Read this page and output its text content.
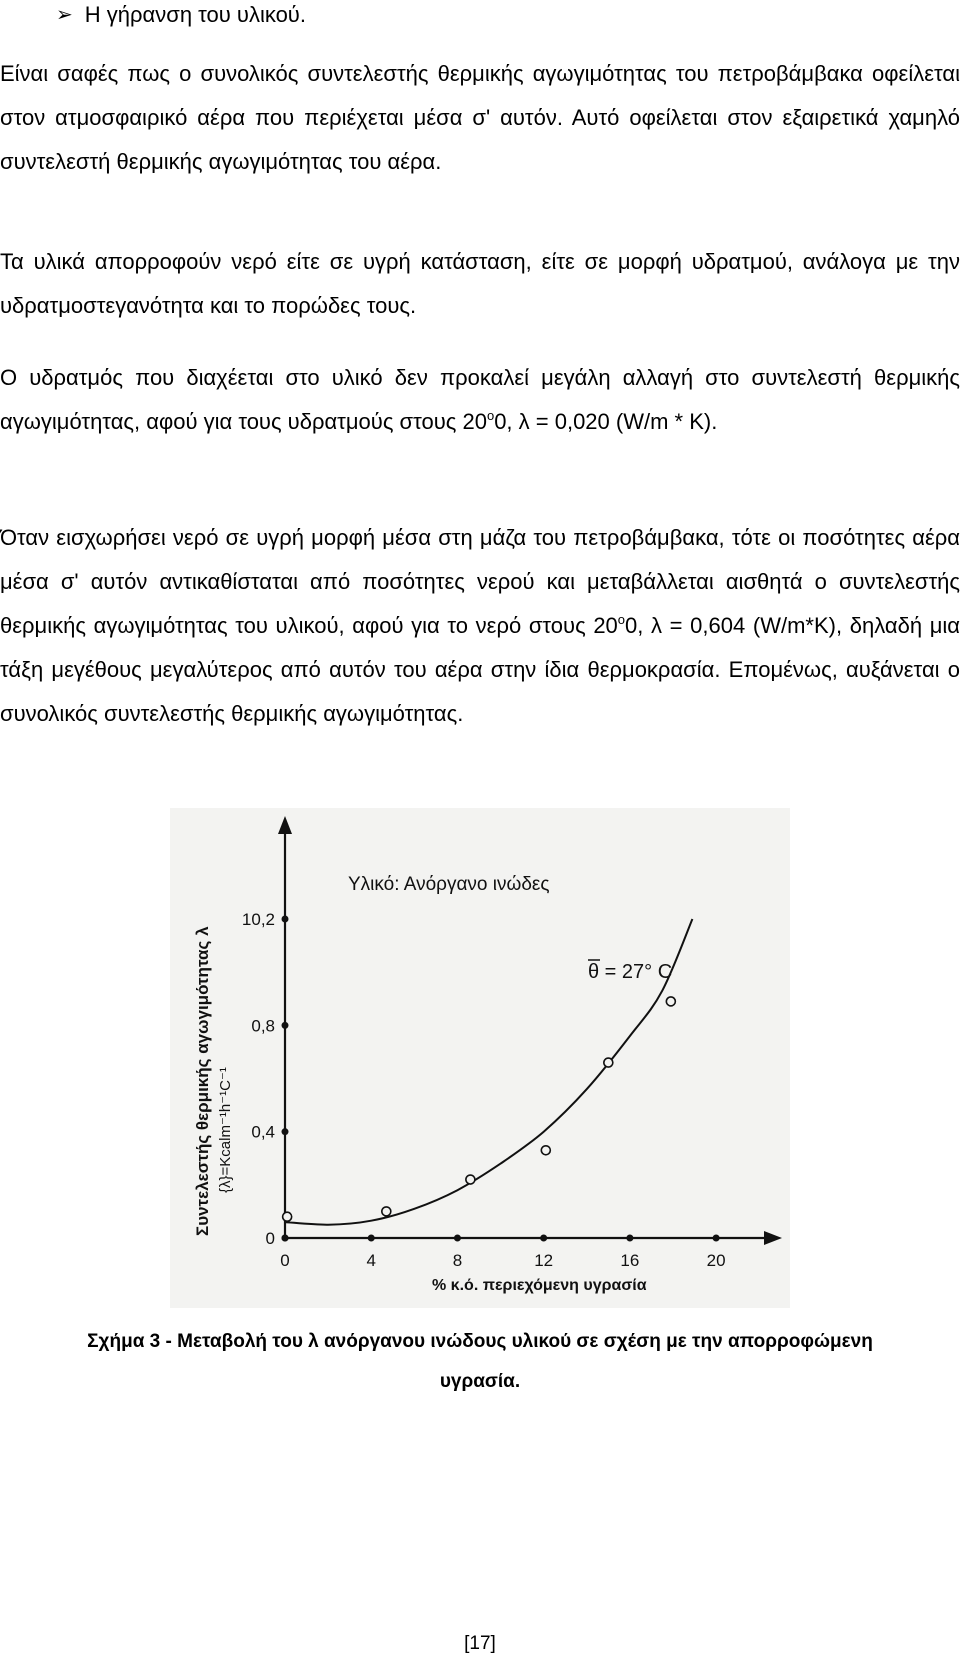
➢ Η γήρανση του υλικού.

Είναι σαφές πως ο συνολικός συντελεστής θερμικής αγωγιμότητας του πετροβάμβακα οφείλεται στον ατμοσφαιρικό αέρα που περιέχεται μέσα σ' αυτόν. Αυτό οφείλεται στον εξαιρετικά χαμηλό συντελεστή θερμικής αγωγιμότητας του αέρα.

Τα υλικά απορροφούν νερό είτε σε υγρή κατάσταση, είτε σε μορφή υδρατμού, ανάλογα με την υδρατμοστεγανότητα και το πορώδες τους.

Ο υδρατμός που διαχέεται στο υλικό δεν προκαλεί μεγάλη αλλαγή στο συντελεστή θερμικής αγωγιμότητας, αφού για τους υδρατμούς στους 20$^o$0, λ = 0,020 (W/m * K).

Όταν εισχωρήσει νερό σε υγρή μορφή μέσα στη μάζα του πετροβάμβακα, τότε οι ποσότητες αέρα μέσα σ' αυτόν αντικαθίσταται από ποσότητες νερού και μεταβάλλεται αισθητά ο συντελεστής θερμικής αγωγιμότητας του υλικού, αφού για το νερό στους 20$^o$0, λ = 0,604 (W/m*K), δηλαδή μια τάξη μεγέθους μεγαλύτερος από αυτόν του αέρα στην ίδια θερμοκρασία. Επομένως, αυξάνεται ο συνολικός συντελεστής θερμικής αγωγιμότητας.

Υλικό: Ανόργανο ινώδες
θ = 27° C
Συντελεστής θερμικής αγωγιμότητας λ {λ}=Kcalm⁻¹h⁻¹C⁻¹
% κ.ό. περιεχόμενη υγρασία
0	4	8	12	16	20
0
0,4
0,8
10,2
Σχήμα 3 - Μεταβολή του λ ανόργανου ινώδους υλικού σε σχέση με την απορροφώμενη
υγρασία.
[17]
